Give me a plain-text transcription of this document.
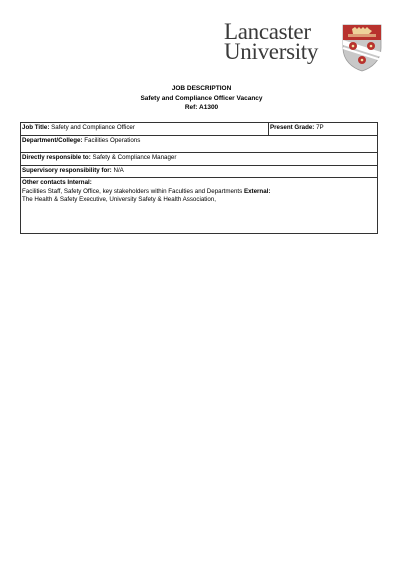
Lancaster
University
JOB DESCRIPTION
Safety and Compliance Officer Vacancy
Ref: A1300
Job Title: Safety and Compliance Officer	Present Grade: 7P
Department/College: Facilities Operations
Directly responsible to: Safety & Compliance Manager
Supervisory responsibility for: N/A

Other contacts Internal:
Facilities Staff, Safety Office, key stakeholders within Faculties and Departments External:
The Health & Safety Executive, University Safety & Health Association,
